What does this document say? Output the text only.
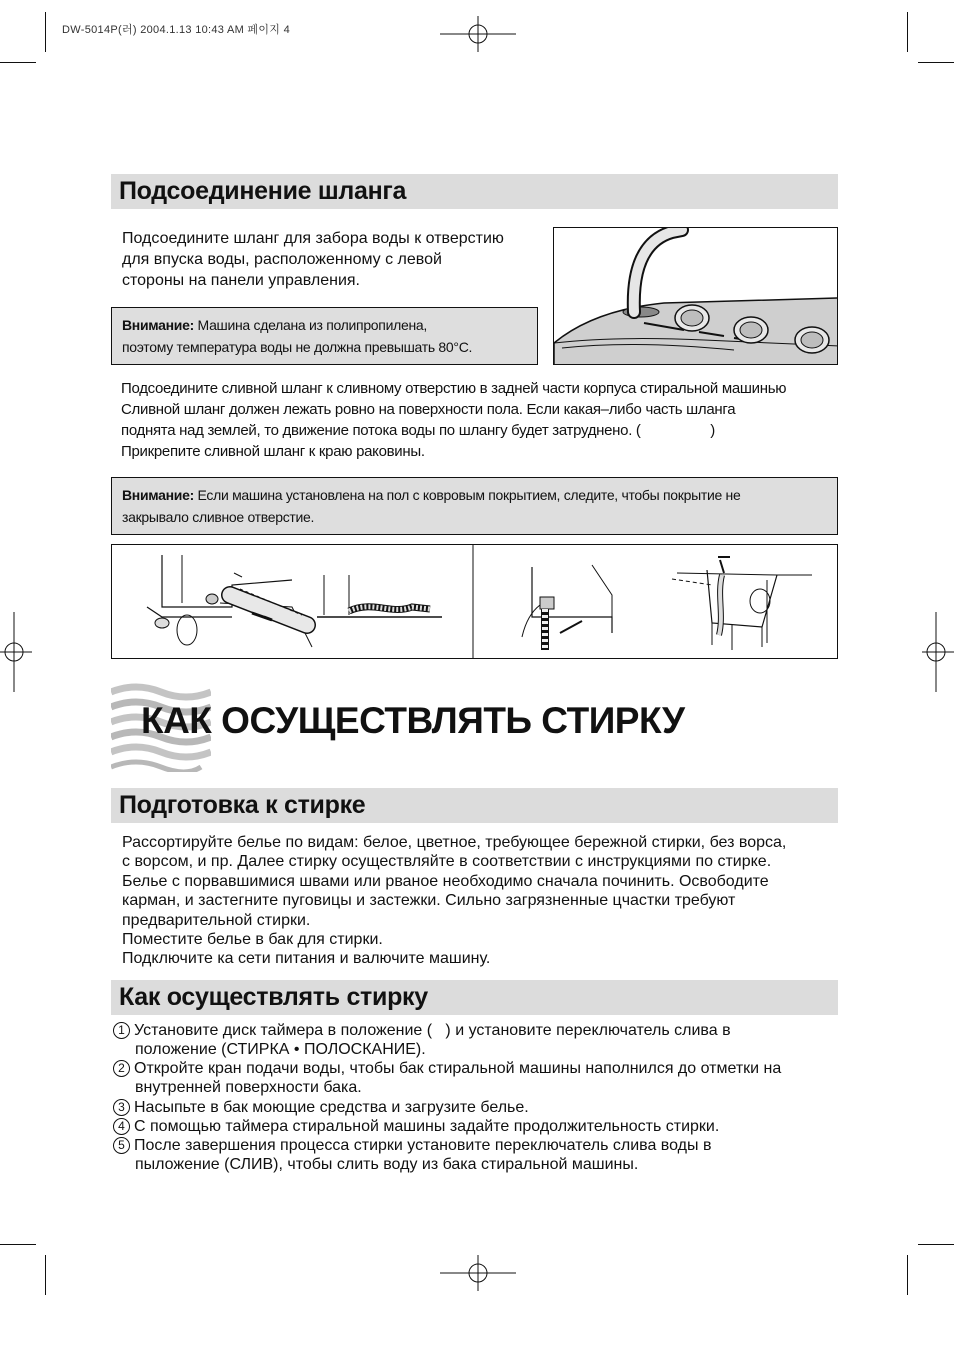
DW-5014P(러) 2004.1.13 10:43 AM 페이지 4
Подсоединение шланга
Подсоедините шланг для забора воды к отверстию
для впуска воды, расположенному с левой
стороны на панели управления.
Внимание: Машина сделана из полипропилена,
поэтому температура воды не должна превышать 80°С.
Подсоедините сливной шланг к сливному отверстию в задней части корпуса стиральной машинью
Сливной шланг должен лежать ровно на поверхности пола. Если какая–либо часть шланга
поднята над землей, то движение потока воды по шлангу будет затруднено. (                  )
Прикрепите сливной шланг к краю раковины.
Внимание: Если машина установлена на пол с ковровым покрытием, следите, чтобы покрытие не
закрывало сливное отверстие.
КАК ОСУЩЕСТВЛЯТЬ СТИРКУ
Подготовка к стирке
Рассортируйте белье по видам: белое, цветное, требующее бережной стирки, без ворса,
с ворсом, и пр. Далее стирку осуществляйте в соответствии с инструкциями по стирке.
Белье с порвавшимися швами или рваное необходимо сначала починить. Освободите
карман, и застегните пуговицы и застежки. Сильно загрязненные цчастки требуют
предварительной стирки.
Поместите белье в бак для стирки.
Подключите ка сети питания и валючите машину.
Как осуществлять стирку
1 Установите диск таймера в положение (   ) и установите переключатель слива в
положение (СТИРКА • ПОЛОСКАНИЕ).
2 Откройте кран подачи воды, чтобы бак стиральной машины наполнился до отметки на
внутренней поверхности бака.
3 Насыпьте в бак моющие средства и загрузите белье.
4 С помощью таймера стиральной машины задайте продолжительность стирки.
5 После завершения процесса стирки установите переключатель слива воды в
пыложение (СЛИВ), чтобы слить воду из бака стиральной машины.
